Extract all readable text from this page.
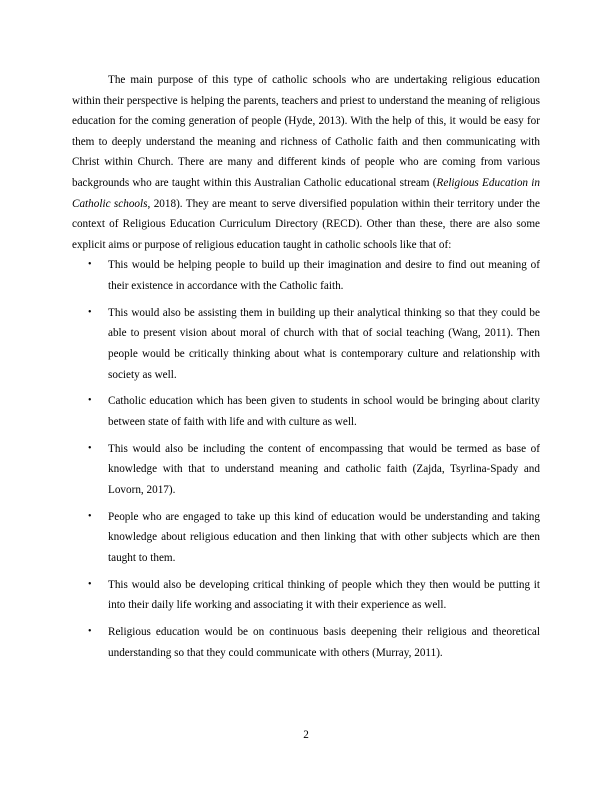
The main purpose of this type of catholic schools who are undertaking religious education within their perspective is helping the parents, teachers and priest to understand the meaning of religious education for the coming generation of people (Hyde, 2013). With the help of this, it would be easy for them to deeply understand the meaning and richness of Catholic faith and then communicating with Christ within Church. There are many and different kinds of people who are coming from various backgrounds who are taught within this Australian Catholic educational stream (Religious Education in Catholic schools, 2018). They are meant to serve diversified population within their territory under the context of Religious Education Curriculum Directory (RECD). Other than these, there are also some explicit aims or purpose of religious education taught in catholic schools like that of:

• This would be helping people to build up their imagination and desire to find out meaning of their existence in accordance with the Catholic faith.
• This would also be assisting them in building up their analytical thinking so that they could be able to present vision about moral of church with that of social teaching (Wang, 2011). Then people would be critically thinking about what is contemporary culture and relationship with society as well.
• Catholic education which has been given to students in school would be bringing about clarity between state of faith with life and with culture as well.
• This would also be including the content of encompassing that would be termed as base of knowledge with that to understand meaning and catholic faith (Zajda, Tsyrlina-Spady and Lovorn, 2017).
• People who are engaged to take up this kind of education would be understanding and taking knowledge about religious education and then linking that with other subjects which are then taught to them.
• This would also be developing critical thinking of people which they then would be putting it into their daily life working and associating it with their experience as well.
• Religious education would be on continuous basis deepening their religious and theoretical understanding so that they could communicate with others (Murray, 2011).
2
